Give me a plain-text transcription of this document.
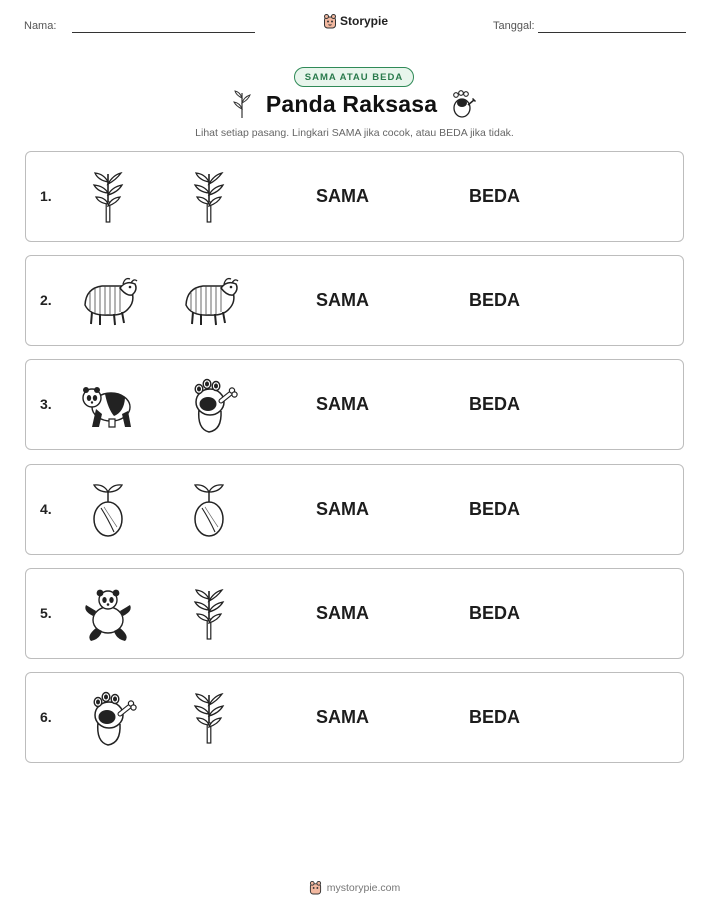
Nama:	Storypie	Tanggal:
SAMA ATAU BEDA
Panda Raksasa
Lihat setiap pasang. Lingkari SAMA jika cocok, atau BEDA jika tidak.
1.	SAMA	BEDA
2.	SAMA	BEDA
3.	SAMA	BEDA
4.	SAMA	BEDA
5.	SAMA	BEDA
6.	SAMA	BEDA
mystorypie.com
